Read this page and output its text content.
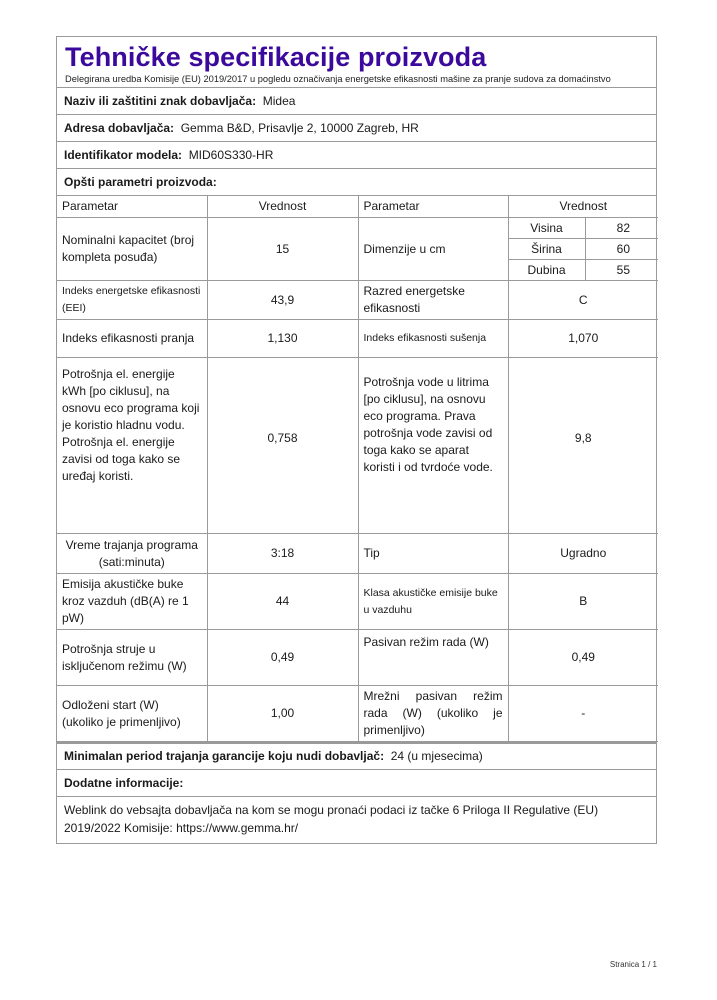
Tehničke specifikacije proizvoda
Delegirana uredba Komisije (EU) 2019/2017 u pogledu označivanja energetske efikasnosti mašine za pranje sudova za domaćinstvo
Naziv ili zaštitini znak dobavljača: Midea
Adresa dobavljača: Gemma B&D, Prisavlje 2, 10000 Zagreb, HR
Identifikator modela: MID60S330-HR
Opšti parametri proizvoda:
Parametar	Vrednost	Parametar	Vrednost
Nominalni kapacitet (broj kompleta posuđa)	15	Dimenzije u cm	
Visina	82
Širina	60
Dubina	55

Indeks energetske efikasnosti (EEI)	43,9	Razred energetske efikasnosti	C
Indeks efikasnosti pranja	1,130	Indeks efikasnosti sušenja	1,070
Potrošnja el. energije kWh [po ciklusu], na osnovu eco programa koji je koristio hladnu vodu. Potrošnja el. energije zavisi od toga kako se uređaj koristi.	0,758	Potrošnja vode u litrima [po ciklusu], na osnovu eco programa. Prava potrošnja vode zavisi od toga kako se aparat koristi i od tvrdoće vode.	9,8
Vreme trajanja programa (sati:minuta)	3:18	Tip	Ugradno
Emisija akustičke buke kroz vazduh (dB(A) re 1 pW)	44	Klasa akustičke emisije buke u vazduhu	B
Potrošnja struje u isključenom režimu (W)	0,49	Pasivan režim rada (W)	0,49
Odloženi start (W) (ukoliko je primenljivo)	1,00	Mrežni pasivan režim rada (W) (ukoliko je primenljivo)	-
Minimalan period trajanja garancije koju nudi dobavljač: 24 (u mjesecima)
Dodatne informacije:
Weblink do vebsajta dobavljača na kom se mogu pronaći podaci iz tačke 6 Priloga II Regulative (EU) 2019/2022 Komisije: https://www.gemma.hr/
Stranica 1 / 1
